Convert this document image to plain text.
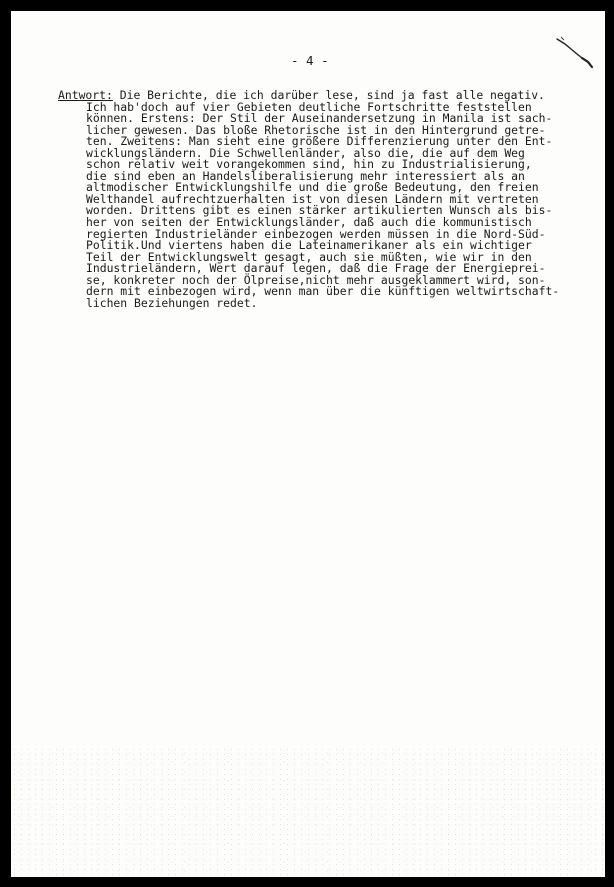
- 4 -
Antwort: Die Berichte, die ich darüber lese, sind ja fast alle negativ.
Ich hab'doch auf vier Gebieten deutliche Fortschritte feststellen
können. Erstens: Der Stil der Auseinandersetzung in Manila ist sach-
licher gewesen. Das bloße Rhetorische ist in den Hintergrund getre-
ten. Zweitens: Man sieht eine größere Differenzierung unter den Ent-
wicklungsländern. Die Schwellenländer, also die, die auf dem Weg
schon relativ weit vorangekommen sind, hin zu Industrialisierung,
die sind eben an Handelsliberalisierung mehr interessiert als an
altmodischer Entwicklungshilfe und die große Bedeutung, den freien
Welthandel aufrechtzuerhalten ist von diesen Ländern mit vertreten
worden. Drittens gibt es einen stärker artikulierten Wunsch als bis-
her von seiten der Entwicklungsländer, daß auch die kommunistisch
regierten Industrieländer einbezogen werden müssen in die Nord-Süd-
Politik.Und viertens haben die Lateinamerikaner als ein wichtiger
Teil der Entwicklungswelt gesagt, auch sie müßten, wie wir in den
Industrieländern, Wert darauf legen, daß die Frage der Energieprei-
se, konkreter noch der Ölpreise,nicht mehr ausgeklammert wird, son-
dern mit einbezogen wird, wenn man über die künftigen weltwirtschaft-
lichen Beziehungen redet.
